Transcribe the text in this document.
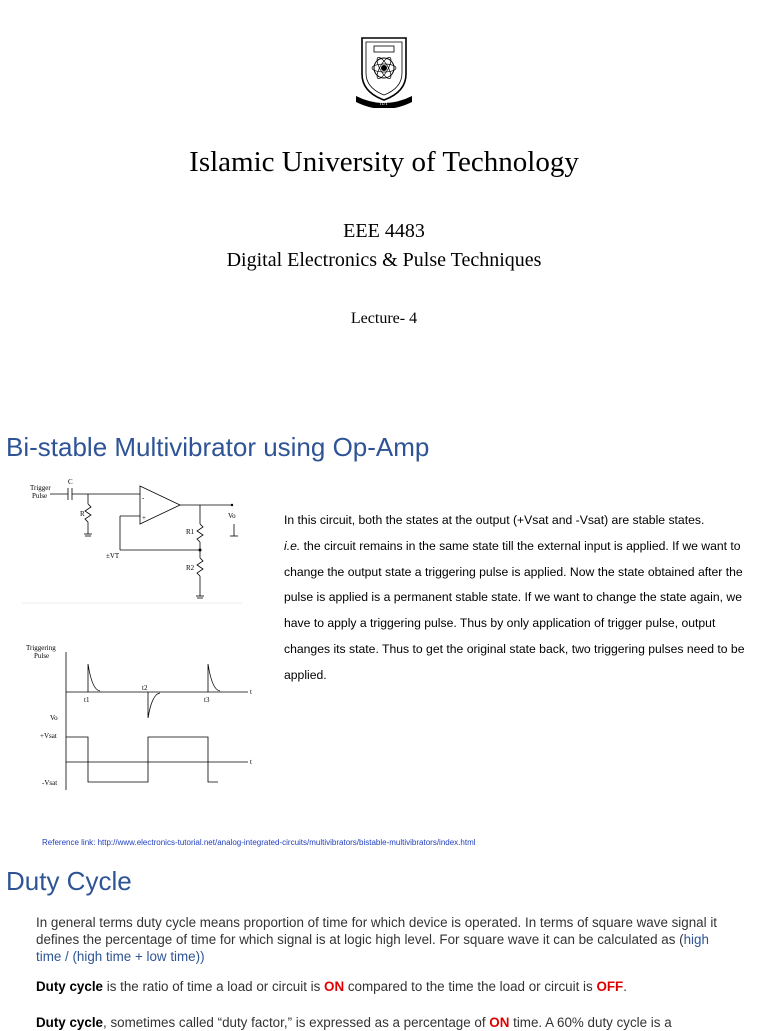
IUT
Islamic University of Technology
EEE 4483
Digital Electronics & Pulse Techniques
Lecture- 4
Bi-stable Multivibrator using Op-Amp
Trigger
Pulse
C
R
R1
R2
±VT
Vo
-
+
Triggering
Pulse
t1
t2
t3
t
t
Vo
+Vsat
-Vsat

In this circuit, both the states at the output (+Vsat and -Vsat) are stable states.
i.e. the circuit remains in the same state till the external input is applied. If we want to change the output state a triggering pulse is applied. Now the state obtained after the pulse is applied is a permanent stable state. If we want to change the state again, we have to apply a triggering pulse. Thus by only application of trigger pulse, output changes its state. Thus to get the original state back, two triggering pulses need to be applied.

Reference link: http://www.electronics-tutorial.net/analog-integrated-circuits/multivibrators/bistable-multivibrators/index.html
Duty Cycle

In general terms duty cycle means proportion of time for which device is operated. In terms of square wave signal it defines the percentage of time for which signal is at logic high level. For square wave it can be calculated as (high time / (high time + low time))

Duty cycle is the ratio of time a load or circuit is ON compared to the time the load or circuit is OFF.

Duty cycle, sometimes called “duty factor,” is expressed as a percentage of ON time. A 60% duty cycle is a
